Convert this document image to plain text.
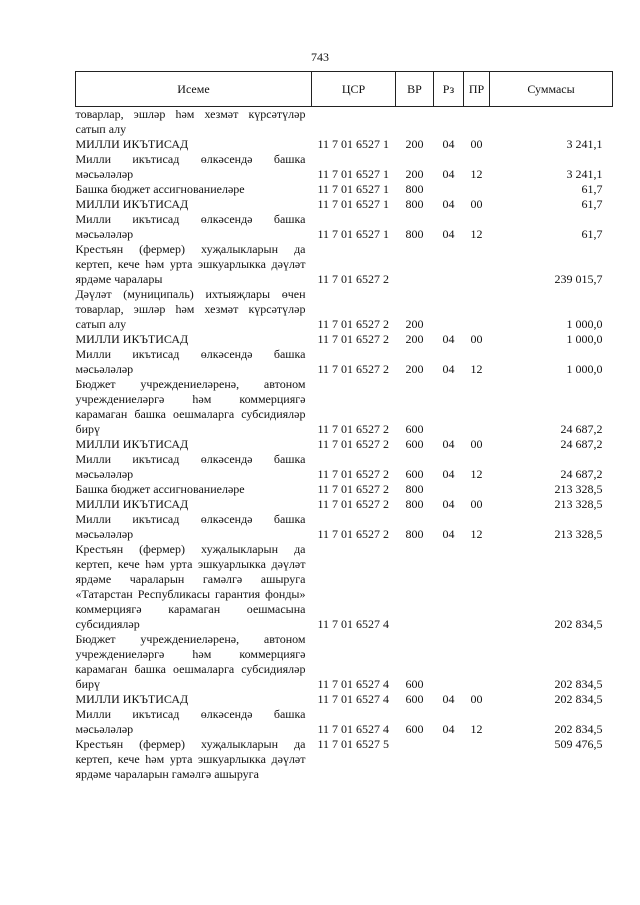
743
Исеме	ЦСР	ВР	Рз	ПР	Суммасы
товарлар, эшләр һәм хезмәт күрсәтүләр сатып алу					
МИЛЛИ ИКЪТИСАД	11 7 01 6527 1	200	04	00	3 241,1
Милли икътисад өлкәсендә башка мәсьәләләр	11 7 01 6527 1	200	04	12	3 241,1
Башка бюджет ассигнованиеләре	11 7 01 6527 1	800			61,7
МИЛЛИ ИКЪТИСАД	11 7 01 6527 1	800	04	00	61,7
Милли икътисад өлкәсендә башка мәсьәләләр	11 7 01 6527 1	800	04	12	61,7
Крестьян (фермер) хуҗалыкларын да кертеп, кече һәм урта эшкуарлыкка дәүләт ярдәме чаралары	11 7 01 6527 2				239 015,7
Дәүләт (муниципаль) ихтыяҗлары өчен товарлар, эшләр һәм хезмәт күрсәтүләр сатып алу	11 7 01 6527 2	200			1 000,0
МИЛЛИ ИКЪТИСАД	11 7 01 6527 2	200	04	00	1 000,0
Милли икътисад өлкәсендә башка мәсьәләләр	11 7 01 6527 2	200	04	12	1 000,0
Бюджет учреждениеләренә, автоном учреждениеләргә һәм коммерциягә карамаган башка оешмаларга субсидияләр бирү	11 7 01 6527 2	600			24 687,2
МИЛЛИ ИКЪТИСАД	11 7 01 6527 2	600	04	00	24 687,2
Милли икътисад өлкәсендә башка мәсьәләләр	11 7 01 6527 2	600	04	12	24 687,2
Башка бюджет ассигнованиеләре	11 7 01 6527 2	800			213 328,5
МИЛЛИ ИКЪТИСАД	11 7 01 6527 2	800	04	00	213 328,5
Милли икътисад өлкәсендә башка мәсьәләләр	11 7 01 6527 2	800	04	12	213 328,5
Крестьян (фермер) хуҗалыкларын да кертеп, кече һәм урта эшкуарлыкка дәүләт ярдәме чараларын гамәлгә ашыруга «Татарстан Республикасы гарантия фонды» коммерциягә карамаган оешмасына субсидияләр	11 7 01 6527 4				202 834,5
Бюджет учреждениеләренә, автоном учреждениеләргә һәм коммерциягә карамаган башка оешмаларга субсидияләр бирү	11 7 01 6527 4	600			202 834,5
МИЛЛИ ИКЪТИСАД	11 7 01 6527 4	600	04	00	202 834,5
Милли икътисад өлкәсендә башка мәсьәләләр	11 7 01 6527 4	600	04	12	202 834,5
Крестьян (фермер) хуҗалыкларын да кертеп, кече һәм урта эшкуарлыкка дәүләт ярдәме чараларын гамәлгә ашыруга	11 7 01 6527 5				509 476,5
